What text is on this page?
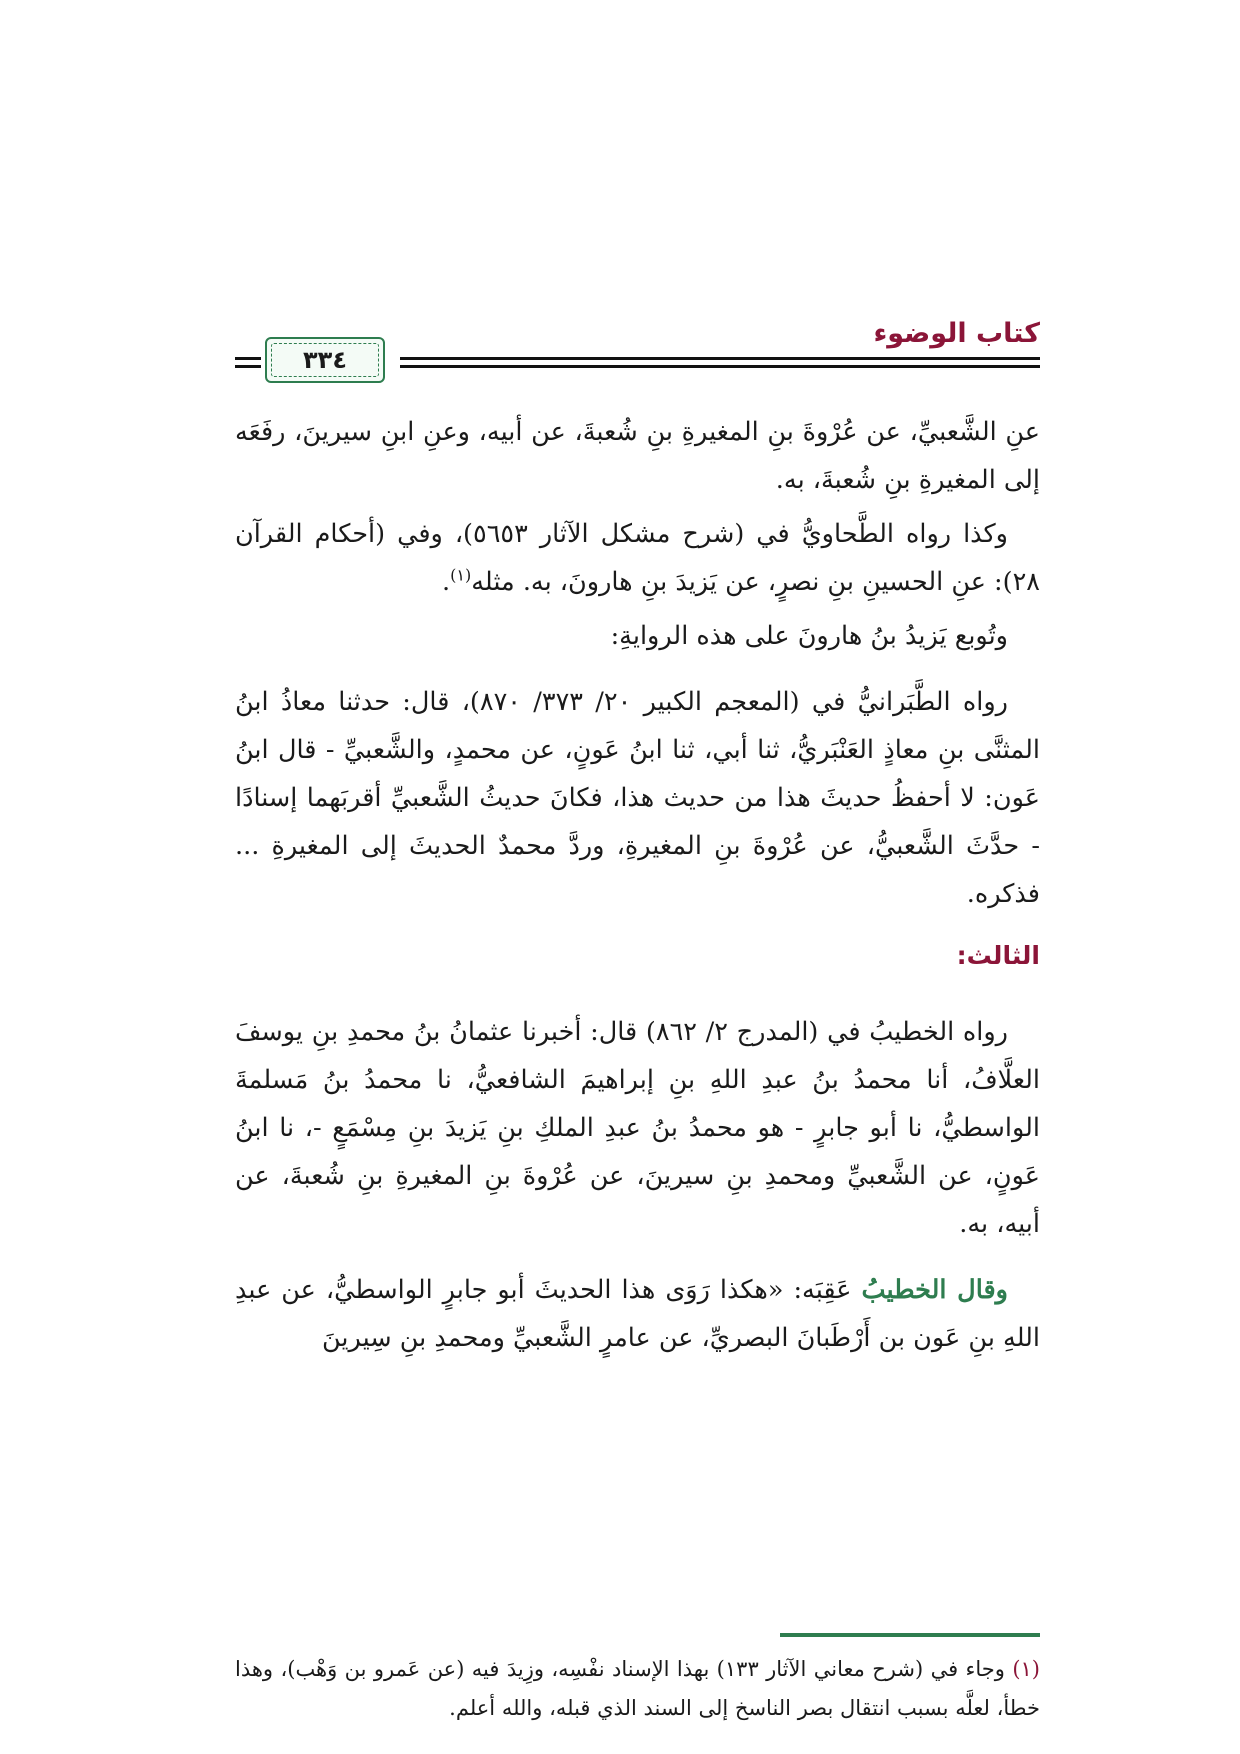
كتاب الوضوء
٣٣٤

عنِ الشَّعبيِّ، عن عُرْوةَ بنِ المغيرةِ بنِ شُعبةَ، عن أبيه، وعنِ ابنِ سيرينَ، رفَعَه إلى المغيرةِ بنِ شُعبةَ، به.

وكذا رواه الطَّحاويُّ في (شرح مشكل الآثار ٥٦٥٣)، وفي (أحكام القرآن ٢٨): عنِ الحسينِ بنِ نصرٍ، عن يَزيدَ بنِ هارونَ، به. مثله$^{(١)}$.

وتُوبع يَزيدُ بنُ هارونَ على هذه الروايةِ:

رواه الطَّبَرانيُّ في (المعجم الكبير ٢٠/ ٣٧٣/ ٨٧٠)، قال: حدثنا معاذُ ابنُ المثنَّى بنِ معاذٍ العَنْبَريُّ، ثنا أبي، ثنا ابنُ عَونٍ، عن محمدٍ، والشَّعبيِّ - قال ابنُ عَون: لا أحفظُ حديثَ هذا من حديث هذا، فكانَ حديثُ الشَّعبيِّ أقربَهما إسنادًا - حدَّثَ الشَّعبيُّ، عن عُرْوةَ بنِ المغيرةِ، وردَّ محمدٌ الحديثَ إلى المغيرةِ ... فذكره.

الثالث:

رواه الخطيبُ في (المدرج ٢/ ٨٦٢) قال: أخبرنا عثمانُ بنُ محمدِ بنِ يوسفَ العلَّافُ، أنا محمدُ بنُ عبدِ اللهِ بنِ إبراهيمَ الشافعيُّ، نا محمدُ بنُ مَسلمةَ الواسطيُّ، نا أبو جابرٍ - هو محمدُ بنُ عبدِ الملكِ بنِ يَزيدَ بنِ مِسْمَعٍ -، نا ابنُ عَونٍ، عن الشَّعبيِّ ومحمدِ بنِ سيرينَ، عن عُرْوةَ بنِ المغيرةِ بنِ شُعبةَ، عن أبيه، به.

وقال الخطيبُ عَقِبَه: «هكذا رَوَى هذا الحديثَ أبو جابرٍ الواسطيُّ، عن عبدِ اللهِ بنِ عَون بن أَرْطَبانَ البصريِّ، عن عامرٍ الشَّعبيِّ ومحمدِ بنِ سِيرينَ

(١) وجاء في (شرح معاني الآثار ١٣٣) بهذا الإسناد نفْسِه، وزِيدَ فيه (عن عَمرو بن وَهْب)، وهذا خطأ، لعلَّه بسبب انتقال بصر الناسخ إلى السند الذي قبله، والله أعلم.
